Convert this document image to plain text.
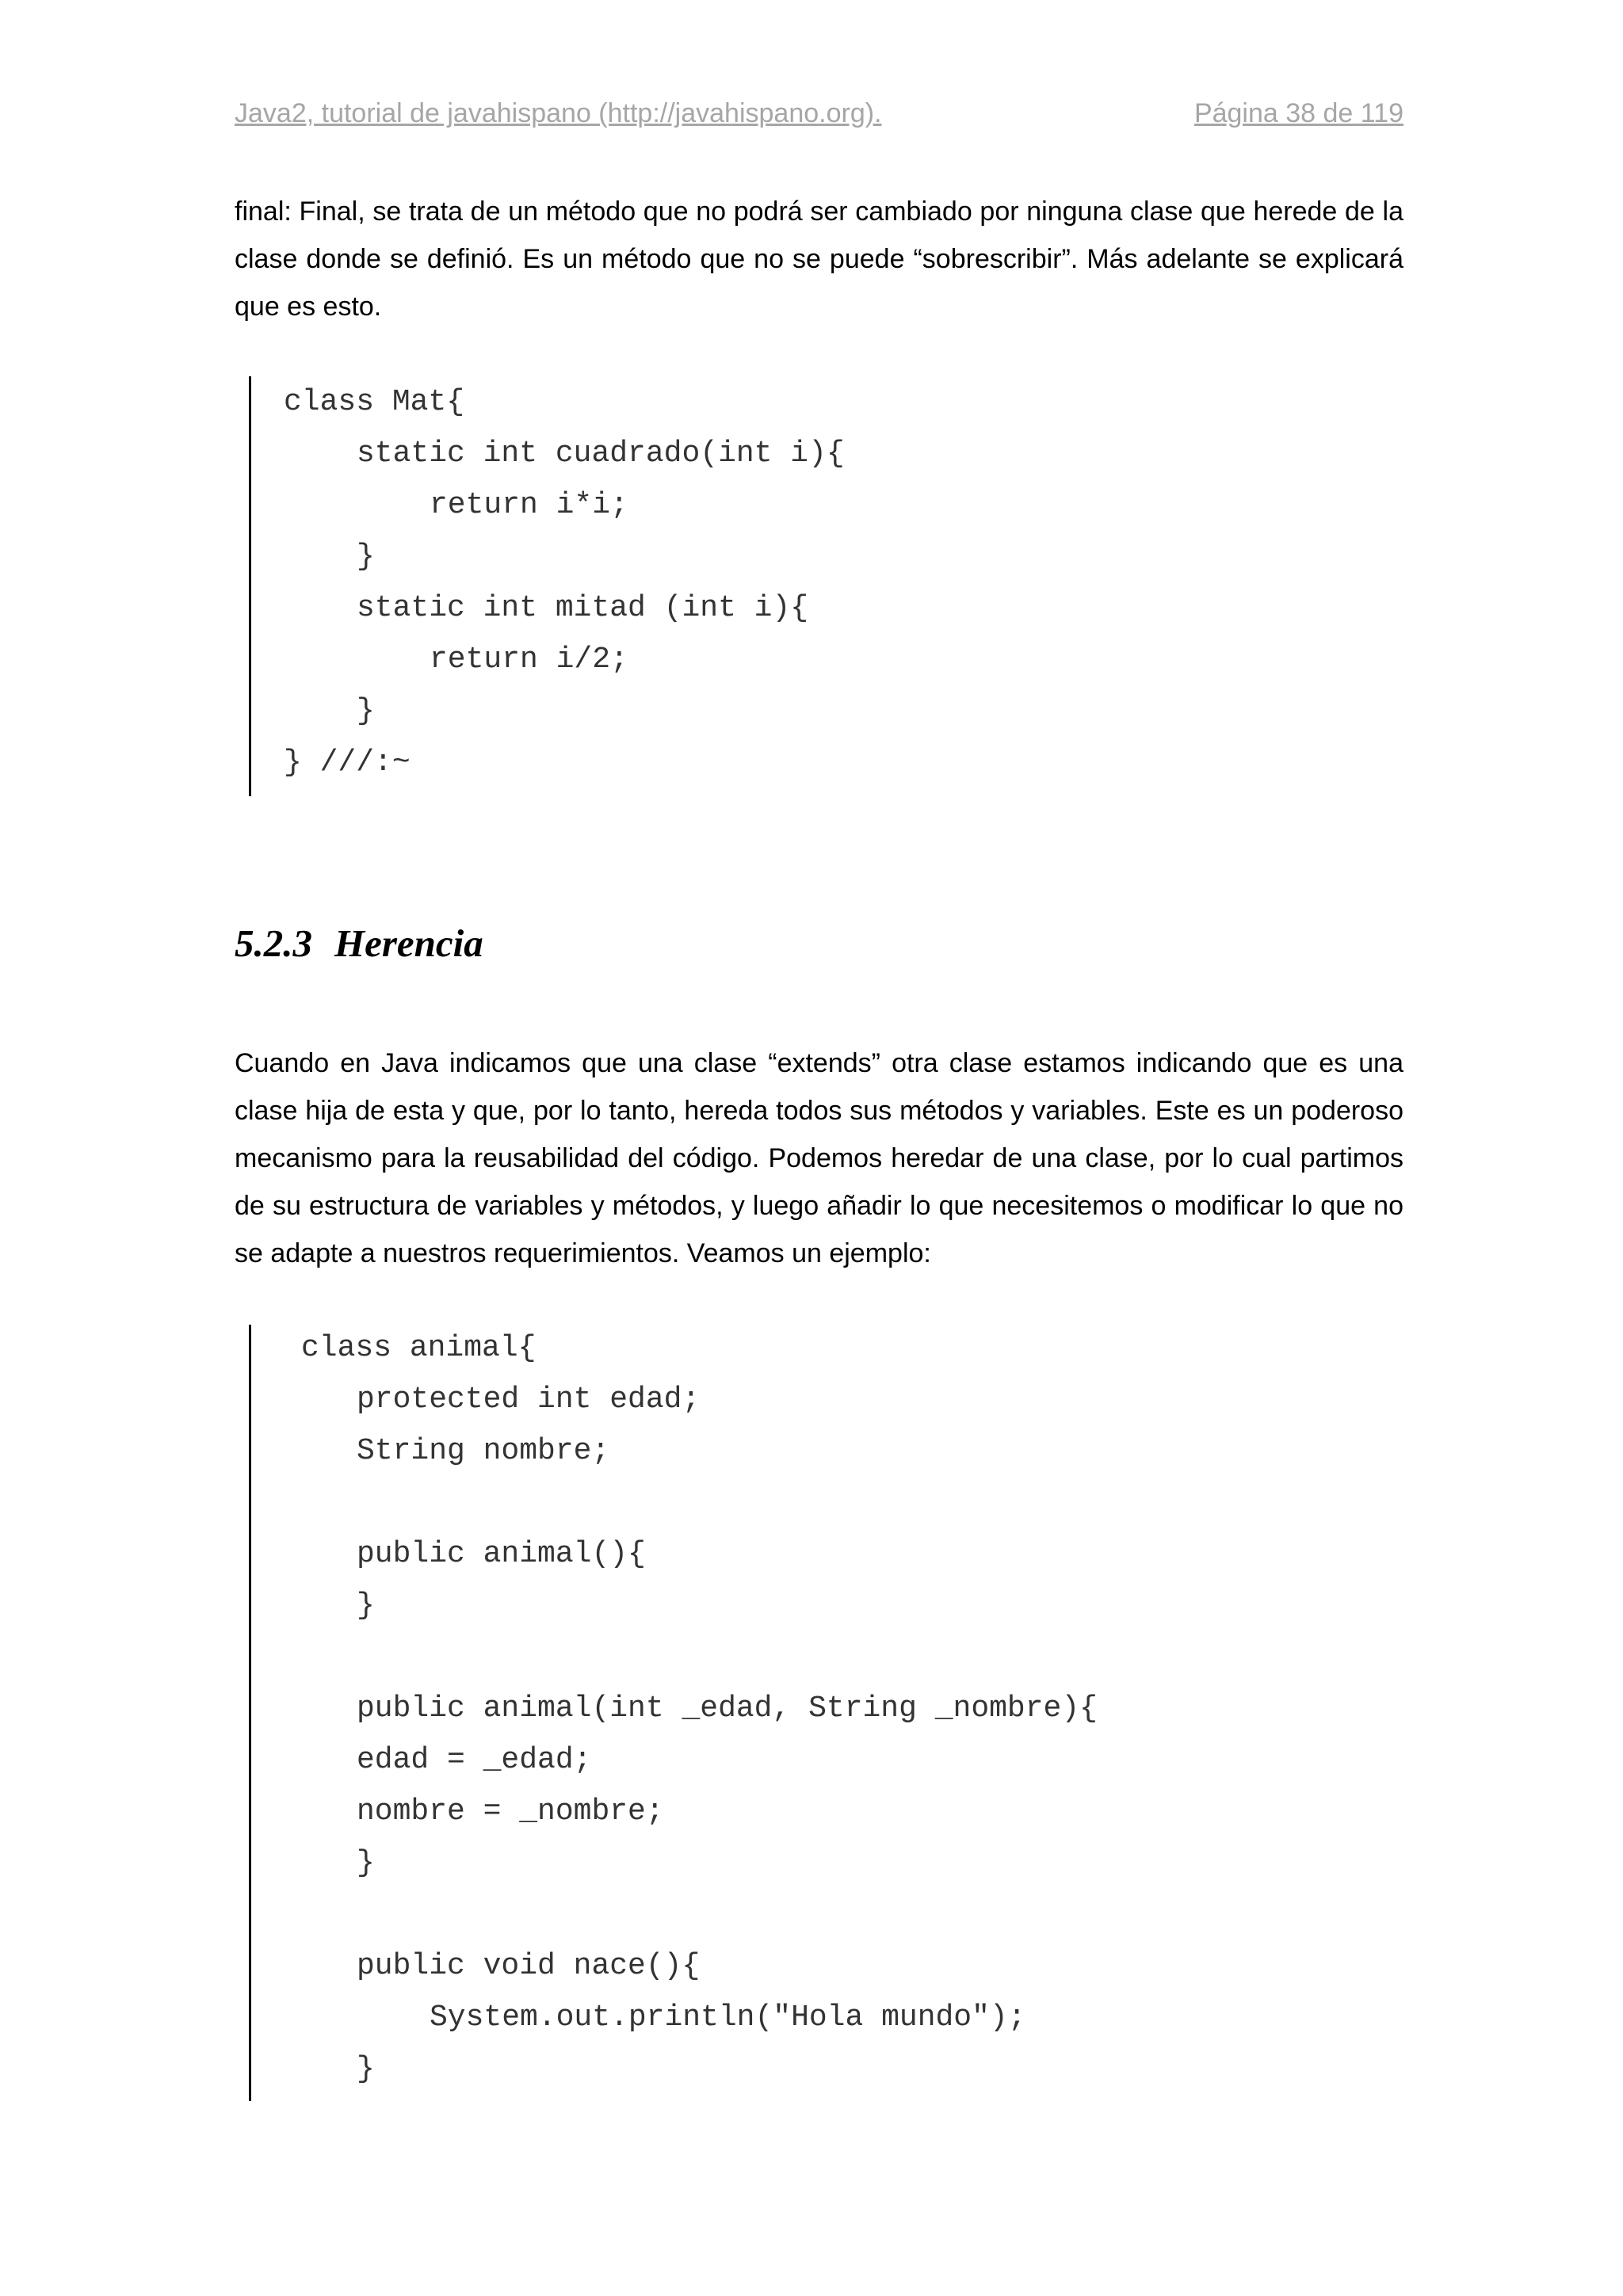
Java2, tutorial de javahispano (http://javahispano.org).	Página 38 de 119
final: Final, se trata de un método que no podrá ser cambiado por ninguna clase que herede de la clase donde se definió. Es un método que no se puede “sobrescribir”. Más adelante se explicará que es esto.
class Mat{
static int cuadrado(int i){
return i*i;
}
static int mitad (int i){
return i/2;
}
} ///:~
5.2.3 Herencia
Cuando en Java indicamos que una clase “extends” otra clase estamos indicando que es una clase hija de esta y que, por lo tanto, hereda todos sus métodos y variables. Este es un poderoso mecanismo para la reusabilidad del código. Podemos heredar de una clase, por lo cual partimos de su estructura de variables y métodos, y luego añadir lo que necesitemos o modificar lo que no se adapte a nuestros requerimientos. Veamos un ejemplo:
class animal{
protected int edad;
String nombre;
public animal(){
}
public animal(int _edad, String _nombre){
edad = _edad;
nombre = _nombre;
}
public void nace(){
System.out.println("Hola mundo");
}
